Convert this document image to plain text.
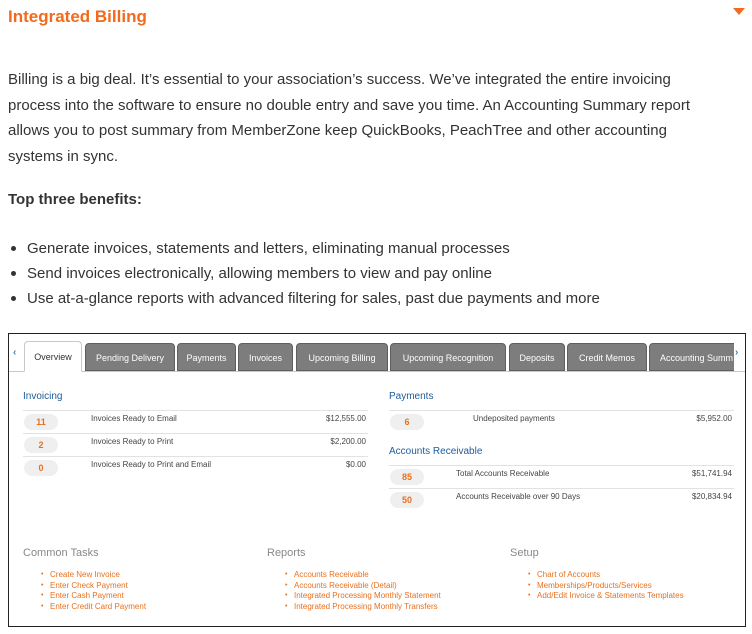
Integrated Billing

Billing is a big deal. It’s essential to your association’s success. We’ve integrated the entire invoicing process into the software to ensure no double entry and save you time. An Accounting Summary report allows you to post summary from MemberZone keep QuickBooks, PeachTree and other accounting systems in sync.

Top three benefits:
Generate invoices, statements and letters, eliminating manual processes
Send invoices electronically, allowing members to view and pay online
Use at-a-glance reports with advanced filtering for sales, past due payments and more
‹	Overview	Pending Delivery	Payments	Invoices	Upcoming Billing	Upcoming Recognition	Deposits	Credit Memos	Accounting Summ ›
Invoicing
11	Invoices Ready to Email	$12,555.00
2	Invoices Ready to Print	$2,200.00
0	Invoices Ready to Print and Email	$0.00
Payments
6	Undeposited payments	$5,952.00
Accounts Receivable
85	Total Accounts Receivable	$51,741.94
50	Accounts Receivable over 90 Days	$20,834.94
Common Tasks
• Create New Invoice
• Enter Check Payment
• Enter Cash Payment
• Enter Credit Card Payment
Reports
• Accounts Receivable
• Accounts Receivable (Detail)
• Integrated Processing Monthly Statement
• Integrated Processing Monthly Transfers
Setup
• Chart of Accounts
• Memberships/Products/Services
• Add/Edit Invoice & Statements Templates
